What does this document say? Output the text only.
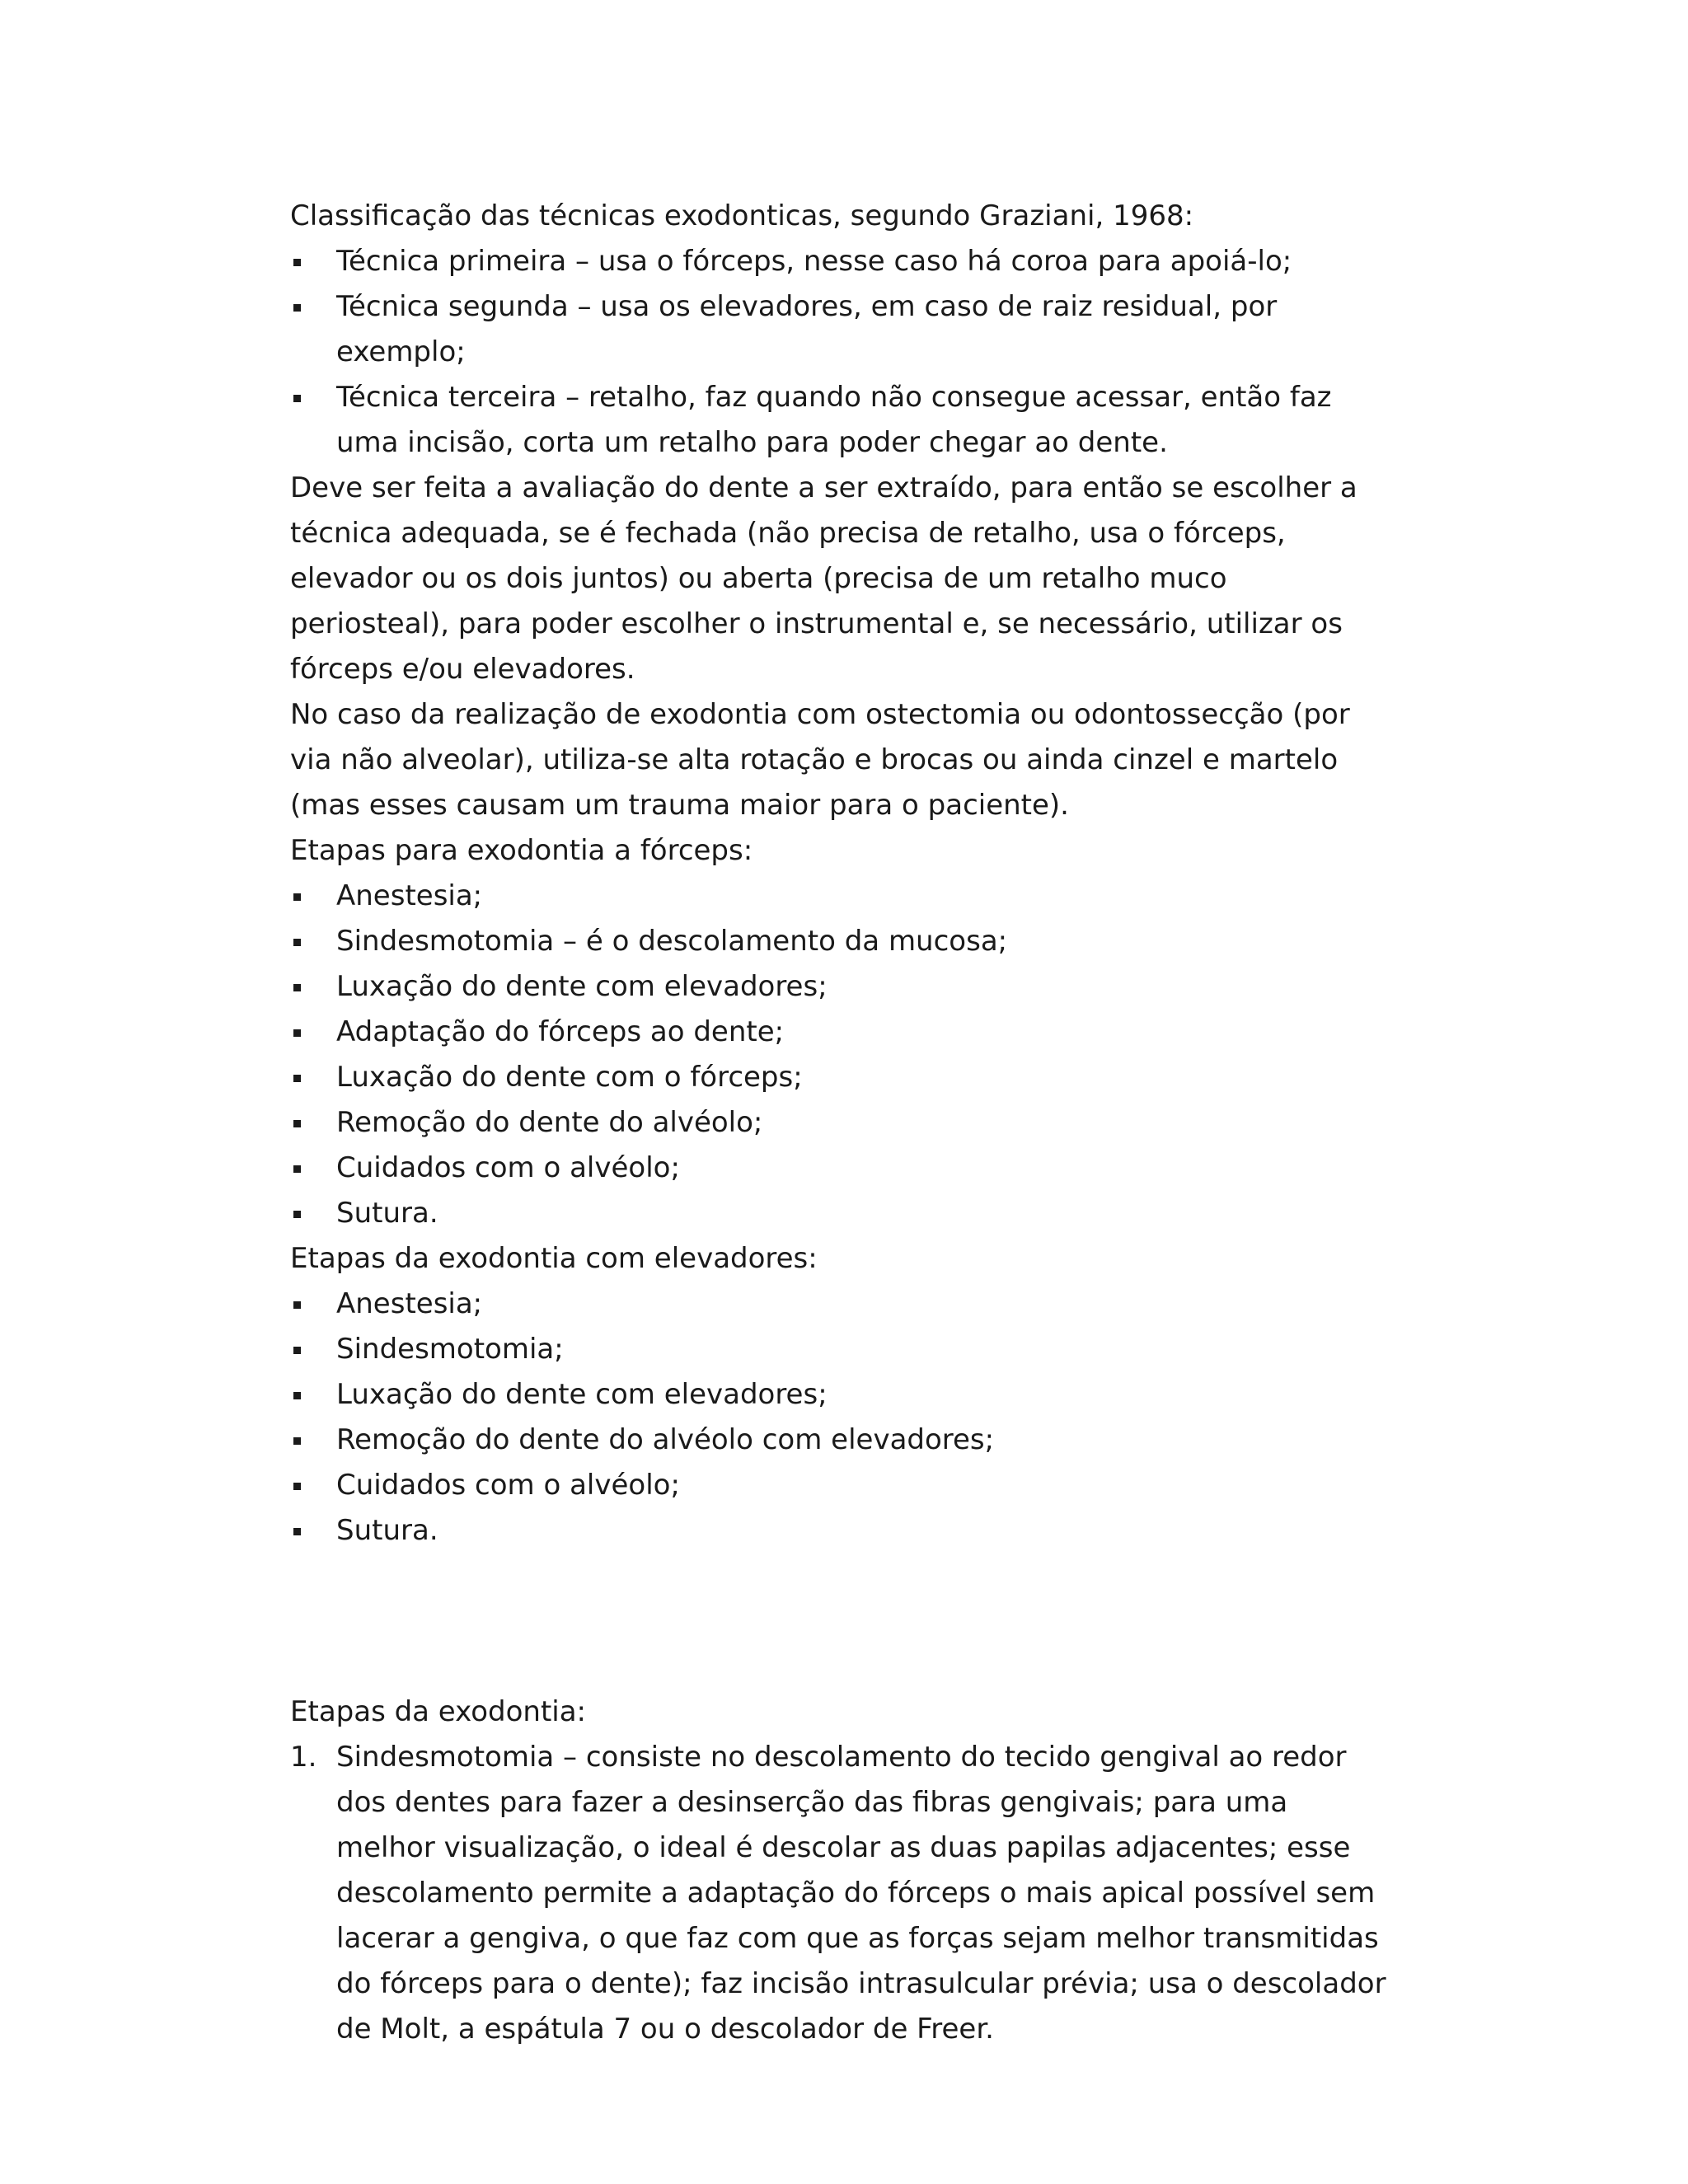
Classificação das técnicas exodonticas, segundo Graziani, 1968:

Técnica primeira – usa o fórceps, nesse caso há coroa para apoiá-lo;
Técnica segunda – usa os elevadores, em caso de raiz residual, por exemplo;
Técnica terceira – retalho, faz quando não consegue acessar, então faz uma incisão, corta um retalho para poder chegar ao dente.

Deve ser feita a avaliação do dente a ser extraído, para então se escolher a técnica adequada, se é fechada (não precisa de retalho, usa o fórceps, elevador ou os dois juntos) ou aberta (precisa de um retalho muco periosteal), para poder escolher o instrumental e, se necessário, utilizar os fórceps e/ou elevadores.

No caso da realização de exodontia com ostectomia ou odontossecção (por via não alveolar), utiliza-se alta rotação e brocas ou ainda cinzel e martelo (mas esses causam um trauma maior para o paciente).

Etapas para exodontia a fórceps:

Anestesia;
Sindesmotomia – é o descolamento da mucosa;
Luxação do dente com elevadores;
Adaptação do fórceps ao dente;
Luxação do dente com o fórceps;
Remoção do dente do alvéolo;
Cuidados com o alvéolo;
Sutura.

Etapas da exodontia com elevadores:

Anestesia;
Sindesmotomia;
Luxação do dente com elevadores;
Remoção do dente do alvéolo com elevadores;
Cuidados com o alvéolo;
Sutura.

Etapas da exodontia:

1. Sindesmotomia – consiste no descolamento do tecido gengival ao redor dos dentes para fazer a desinserção das fibras gengivais; para uma melhor visualização, o ideal é descolar as duas papilas adjacentes; esse descolamento permite a adaptação do fórceps o mais apical possível sem lacerar a gengiva, o que faz com que as forças sejam melhor transmitidas do fórceps para o dente); faz incisão intrasulcular prévia; usa o descolador de Molt, a espátula 7 ou o descolador de Freer.
